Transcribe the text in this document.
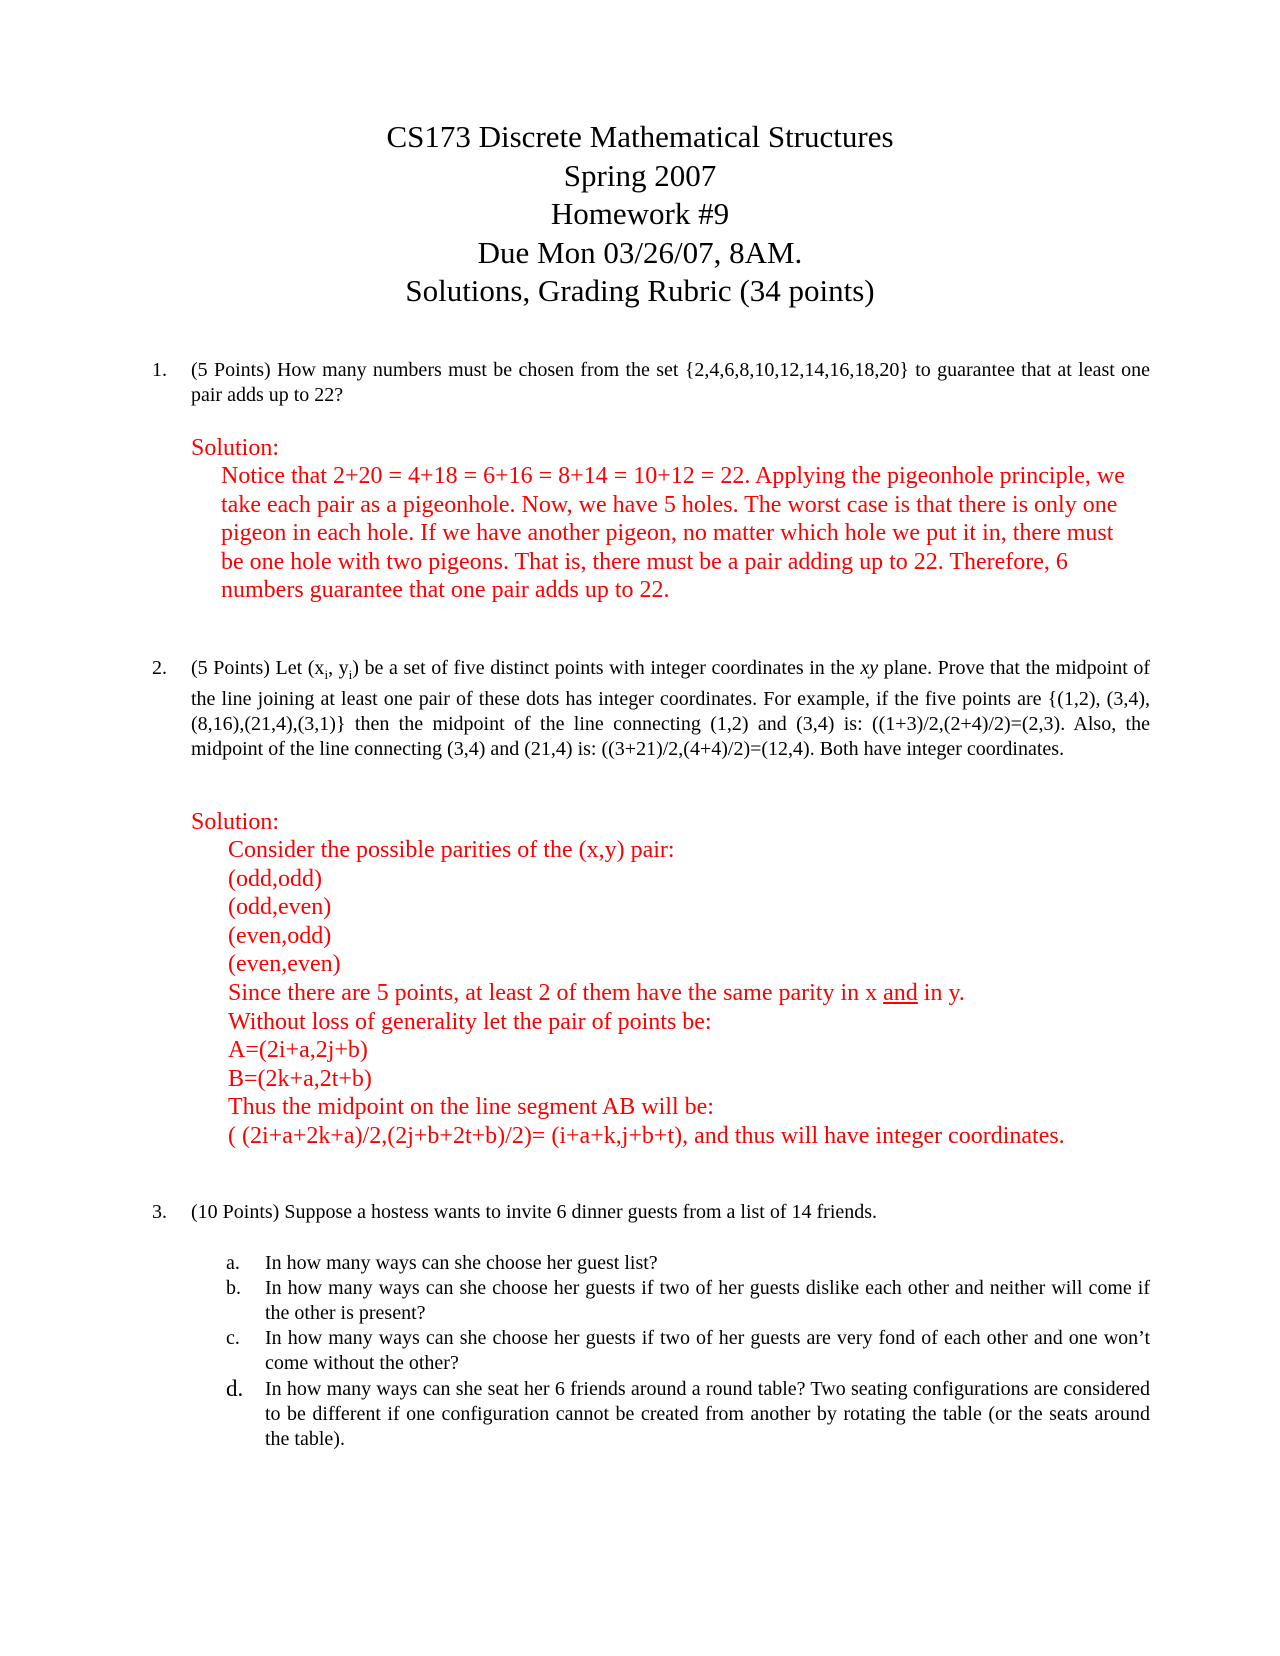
CS173 Discrete Mathematical Structures
Spring 2007
Homework #9
Due Mon 03/26/07, 8AM.
Solutions, Grading Rubric (34 points)
1. (5 Points) How many numbers must be chosen from the set {2,4,6,8,10,12,14,16,18,20} to guarantee that at least one pair adds up to 22?
Solution:
Notice that 2+20 = 4+18 = 6+16 = 8+14 = 10+12 = 22. Applying the pigeonhole principle, we
take each pair as a pigeonhole. Now, we have 5 holes. The worst case is that there is only one
pigeon in each hole. If we have another pigeon, no matter which hole we put it in, there must
be one hole with two pigeons. That is, there must be a pair adding up to 22. Therefore, 6
numbers guarantee that one pair adds up to 22.
2. (5 Points) Let ($x_i$, $y_i$) be a set of five distinct points with integer coordinates in the xy plane. Prove that the midpoint of the line joining at least one pair of these dots has integer coordinates. For example, if the five points are {(1,2), (3,4),(8,16),(21,4),(3,1)} then the midpoint of the line connecting (1,2) and (3,4) is: ((1+3)/2,(2+4)/2)=(2,3). Also, the midpoint of the line connecting (3,4) and (21,4) is: ((3+21)/2,(4+4)/2)=(12,4). Both have integer coordinates.
Solution:
Consider the possible parities of the (x,y) pair:
(odd,odd)
(odd,even)
(even,odd)
(even,even)
Since there are 5 points, at least 2 of them have the same parity in x and in y.
Without loss of generality let the pair of points be:
A=(2i+a,2j+b)
B=(2k+a,2t+b)
Thus the midpoint on the line segment AB will be:
( (2i+a+2k+a)/2,(2j+b+2t+b)/2)= (i+a+k,j+b+t), and thus will have integer coordinates.
3. (10 Points) Suppose a hostess wants to invite 6 dinner guests from a list of 14 friends.
a. In how many ways can she choose her guest list?
b. In how many ways can she choose her guests if two of her guests dislike each other and neither will come if the other is present?
c. In how many ways can she choose her guests if two of her guests are very fond of each other and one won’t come without the other?
d. In how many ways can she seat her 6 friends around a round table? Two seating configurations are considered to be different if one configuration cannot be created from another by rotating the table (or the seats around the table).
